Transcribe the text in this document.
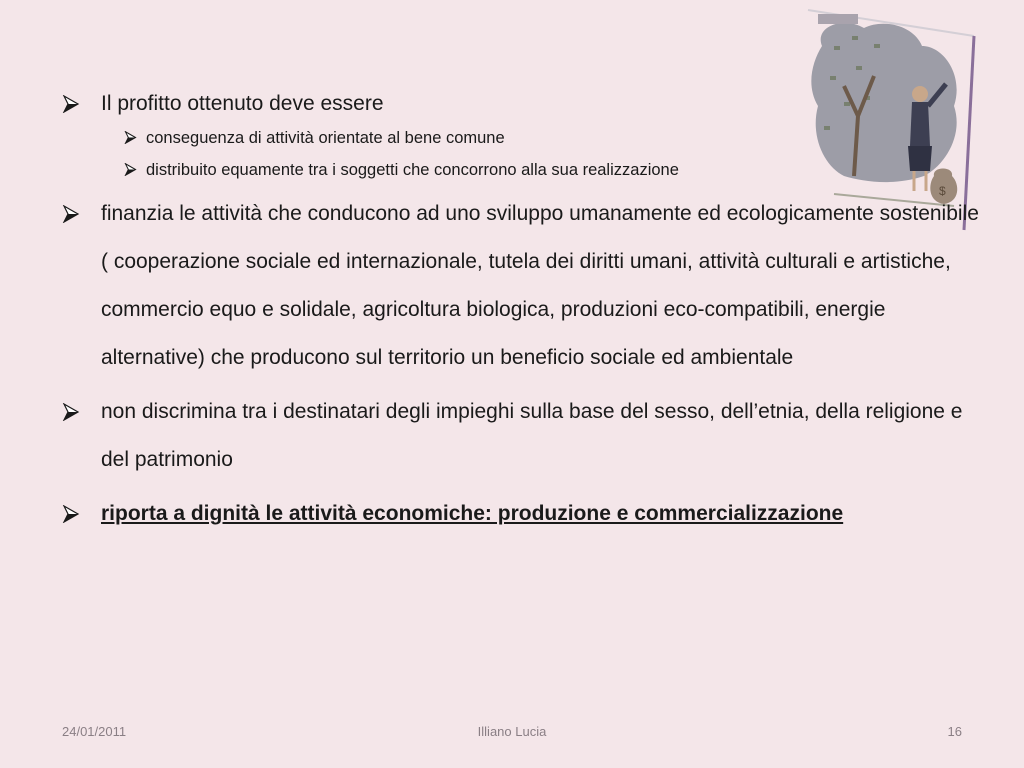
$
Il profitto ottenuto deve essere
conseguenza di attività orientate al bene comune
distribuito equamente tra i soggetti che concorrono alla sua realizzazione
finanzia le attività che conducono ad uno sviluppo umanamente ed ecologicamente sostenibile ( cooperazione sociale ed internazionale, tutela dei diritti umani, attività culturali e artistiche, commercio equo e solidale, agricoltura biologica, produzioni eco-compatibili, energie alternative) che producono sul territorio un beneficio sociale ed ambientale
non discrimina tra i destinatari degli impieghi sulla base del sesso, dell’etnia, della religione e del patrimonio
riporta a dignità le attività economiche: produzione e commercializzazione
24/01/2011	Illiano Lucia	16
